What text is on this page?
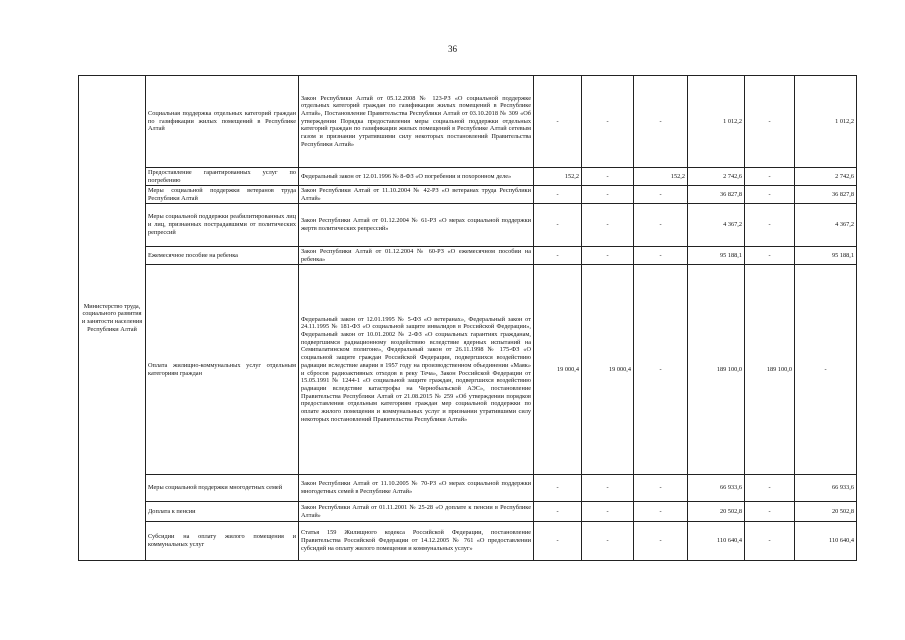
36
Министерство труда, социального развития и занятости населения Республики Алтай	Социальная поддержка отдельных категорий граждан по газификации жилых помещений в Республике Алтай	Закон Республики Алтай от 05.12.2008 № 123-РЗ «О социальной поддержке отдельных категорий граждан по газификации жилых помещений в Республике Алтай», Постановление Правительства Республики Алтай от 03.10.2018 № 309 «Об утверждении Порядка предоставления меры социальной поддержки отдельных категорий граждан по газификации жилых помещений в Республике Алтай сетевым газом и признании утратившими силу некоторых постановлений Правительства Республики Алтай»	-	-	-	1 012,2	-	1 012,2
	Предоставление гарантированных услуг по погребению	Федеральный закон от 12.01.1996 № 8-ФЗ «О погребении и похоронном деле»	152,2	-	152,2	2 742,6	-	2 742,6
	Меры социальной поддержки ветеранов труда Республики Алтай	Закон Республики Алтай от 11.10.2004 № 42-РЗ «О ветеранах труда Республики Алтай»	-	-	-	36 827,8	-	36 827,8
	Меры социальной поддержки реабилитированных лиц и лиц, признанных пострадавшими от политических репрессий	Закон Республики Алтай от 01.12.2004 № 61-РЗ «О мерах социальной поддержки жертв политических репрессий»	-	-	-	4 367,2	-	4 367,2
	Ежемесячное пособие на ребенка	Закон Республики Алтай от 01.12.2004 № 60-РЗ «О ежемесячном пособии на ребенка»	-	-	-	95 188,1	-	95 188,1
	Оплата жилищно-коммунальных услуг отдельным категориям граждан	Федеральный закон от 12.01.1995 № 5-ФЗ «О ветеранах», Федеральный закон от 24.11.1995 № 181-ФЗ «О социальной защите инвалидов в Российской Федерации», Федеральный закон от 10.01.2002 № 2-ФЗ «О социальных гарантиях гражданам, подвергшимся радиационному воздействию вследствие ядерных испытаний на Семипалатинском полигоне», Федеральный закон от 26.11.1998 № 175-ФЗ «О социальной защите граждан Российской Федерации, подвергшихся воздействию радиации вследствие аварии в 1957 году на производственном объединении «Маяк» и сбросов радиоактивных отходов в реку Теча», Закон Российской Федерации от 15.05.1991 № 1244-1 «О социальной защите граждан, подвергшихся воздействию радиации вследствие катастрофы на Чернобыльской АЭС», постановление Правительства Республики Алтай от 21.08.2015 № 259 «Об утверждении порядков предоставления отдельным категориям граждан мер социальной поддержки по оплате жилого помещения и коммунальных услуг и признании утратившими силу некоторых постановлений Правительства Республики Алтай»	19 000,4	19 000,4	-	189 100,0	189 100,0	-
	Меры социальной поддержки многодетных семей	Закон Республики Алтай от 11.10.2005 № 70-РЗ «О мерах социальной поддержки многодетных семей в Республике Алтай»	-	-	-	66 933,6	-	66 933,6
	Доплата к пенсии	Закон Республики Алтай от 01.11.2001 № 25-28 «О доплате к пенсии в Республике Алтай»	-	-	-	20 502,8	-	20 502,8
	Субсидии на оплату жилого помещения и коммунальных услуг	Статья 159 Жилищного кодекса Российской Федерации, постановление Правительства Российской Федерации от 14.12.2005 № 761 «О предоставлении субсидий на оплату жилого помещения и коммунальных услуг»	-	-	-	110 640,4	-	110 640,4
